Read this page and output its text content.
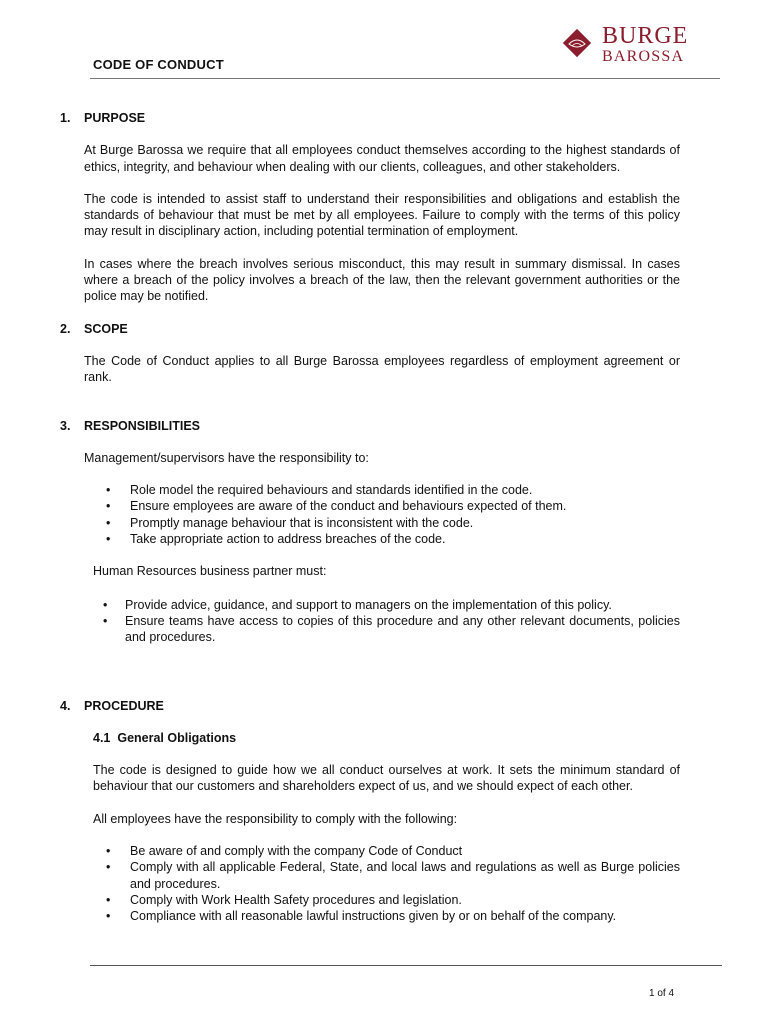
CODE OF CONDUCT
BURGE
BAROSSA
1.	PURPOSE

At Burge Barossa we require that all employees conduct themselves according to the highest standards of ethics, integrity, and behaviour when dealing with our clients, colleagues, and other stakeholders.

The code is intended to assist staff to understand their responsibilities and obligations and establish the standards of behaviour that must be met by all employees. Failure to comply with the terms of this policy may result in disciplinary action, including potential termination of employment.

In cases where the breach involves serious misconduct, this may result in summary dismissal. In cases where a breach of the policy involves a breach of the law, then the relevant government authorities or the police may be notified.

2.	SCOPE

The Code of Conduct applies to all Burge Barossa employees regardless of employment agreement or rank.

3.	RESPONSIBILITIES

Management/supervisors have the responsibility to:

• Role model the required behaviours and standards identified in the code.
• Ensure employees are aware of the conduct and behaviours expected of them.
• Promptly manage behaviour that is inconsistent with the code.
• Take appropriate action to address breaches of the code.
Human Resources business partner must:
• Provide advice, guidance, and support to managers on the implementation of this policy.
• Ensure teams have access to copies of this procedure and any other relevant documents, policies and procedures.
4.	PROCEDURE
4.1 General Obligations

The code is designed to guide how we all conduct ourselves at work. It sets the minimum standard of behaviour that our customers and shareholders expect of us, and we should expect of each other.

All employees have the responsibility to comply with the following:

• Be aware of and comply with the company Code of Conduct
• Comply with all applicable Federal, State, and local laws and regulations as well as Burge policies and procedures.
• Comply with Work Health Safety procedures and legislation.
• Compliance with all reasonable lawful instructions given by or on behalf of the company.
1 of 4
